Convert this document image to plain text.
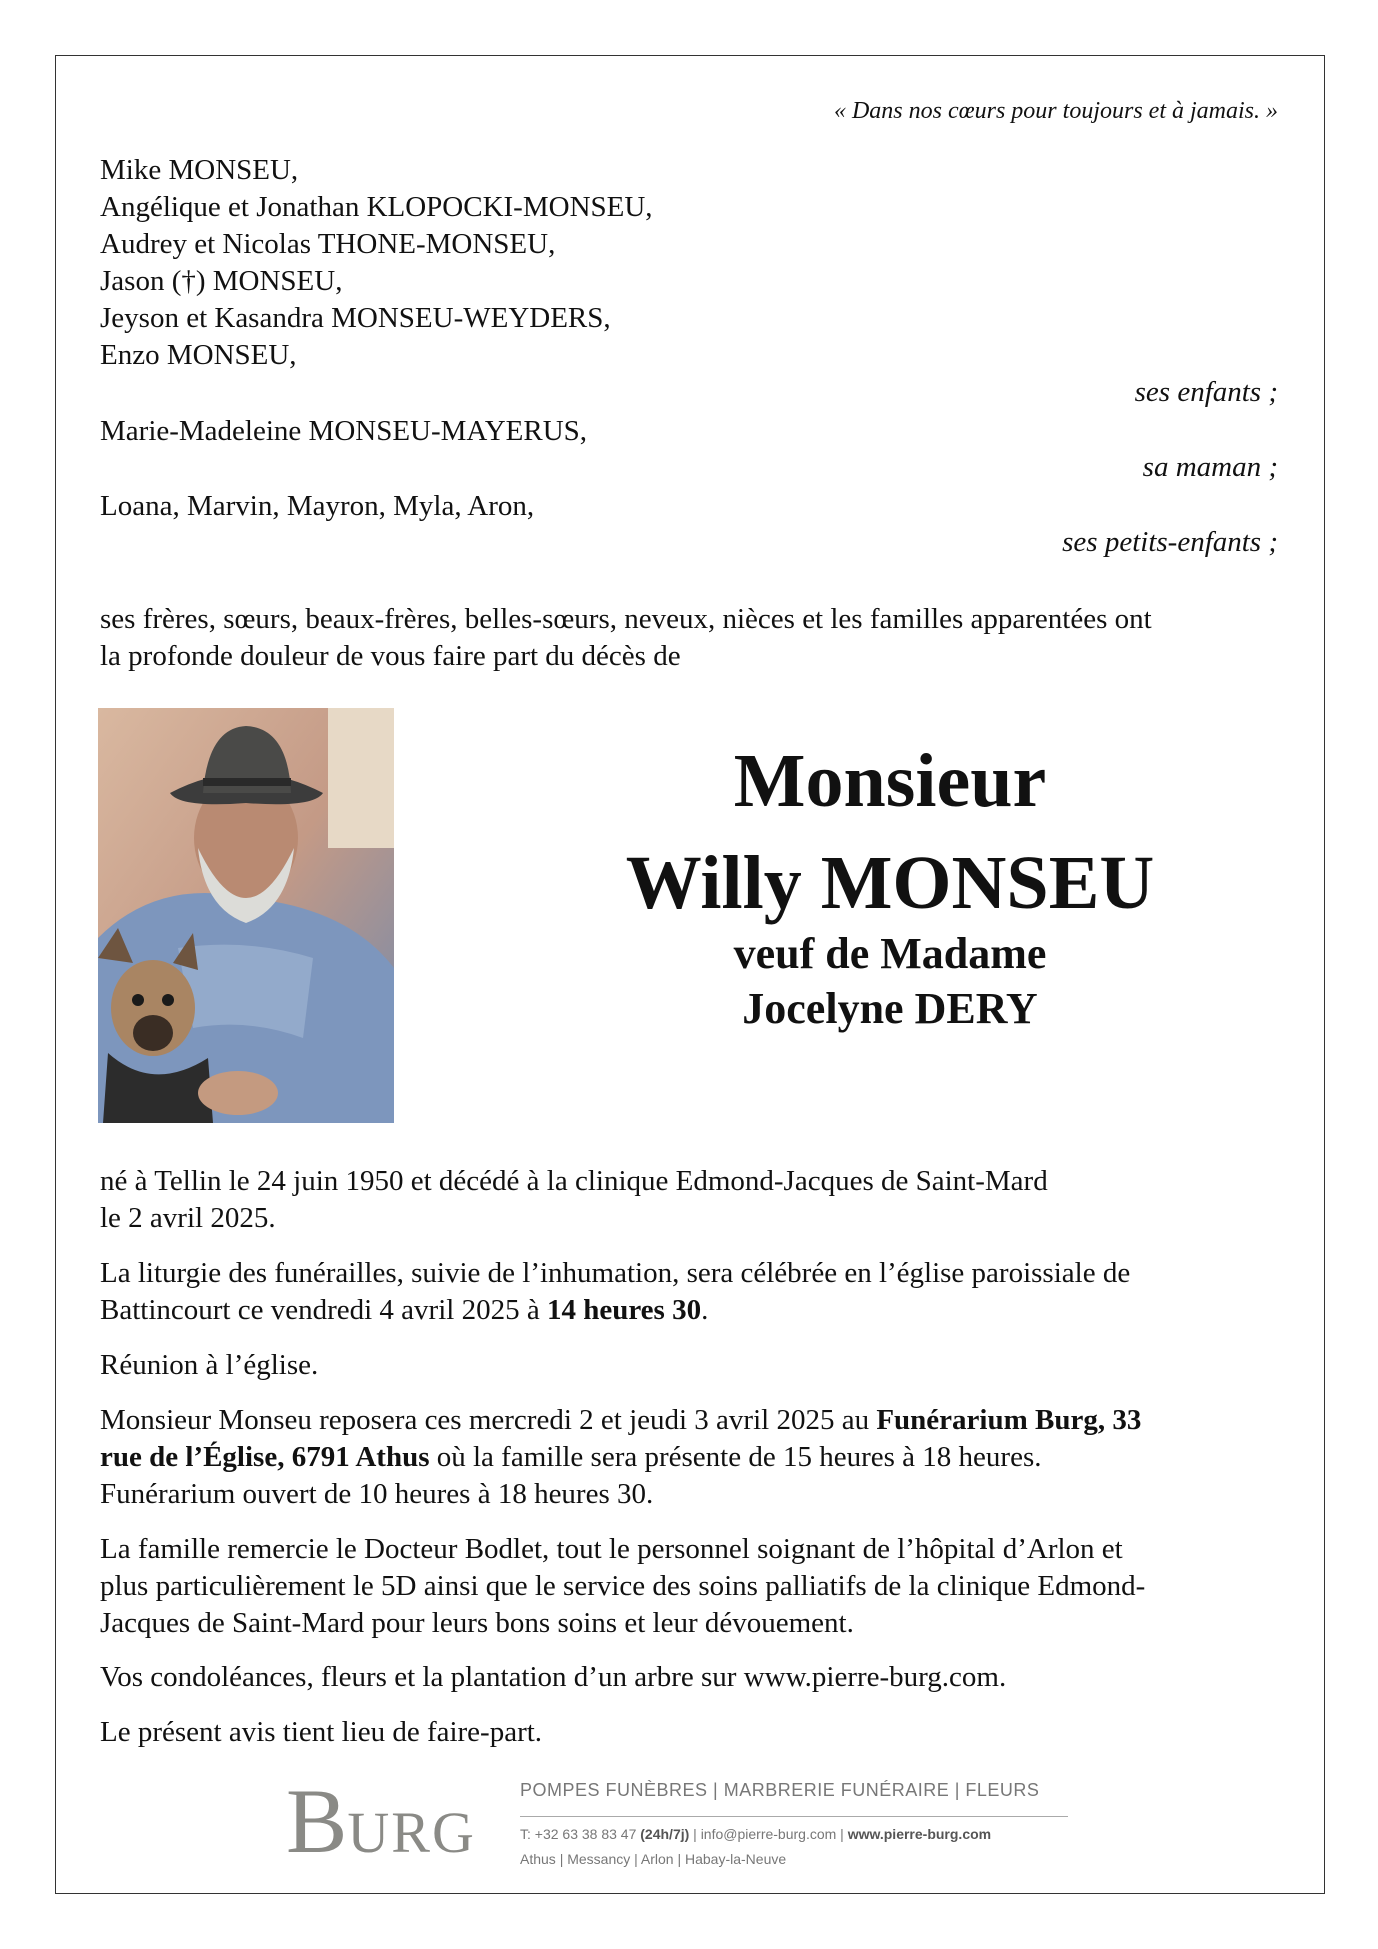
« Dans nos cœurs pour toujours et à jamais. »
Mike MONSEU,
Angélique et Jonathan KLOPOCKI-MONSEU,
Audrey et Nicolas THONE-MONSEU,
Jason (†) MONSEU,
Jeyson et Kasandra MONSEU-WEYDERS,
Enzo MONSEU,
ses enfants ;
Marie-Madeleine MONSEU-MAYERUS,
sa maman ;
Loana, Marvin, Mayron, Myla, Aron,
ses petits-enfants ;
ses frères, sœurs, beaux-frères, belles-sœurs, neveux, nièces et les familles apparentées ont
la profonde douleur de vous faire part du décès de
Monsieur
Willy MONSEU
veuf de Madame
Jocelyne DERY
né à Tellin le 24 juin 1950 et décédé à la clinique Edmond-Jacques de Saint-Mard
le 2 avril 2025.
La liturgie des funérailles, suivie de l’inhumation, sera célébrée en l’église paroissiale de
Battincourt ce vendredi 4 avril 2025 à 14 heures 30.
Réunion à l’église.
Monsieur Monseu reposera ces mercredi 2 et jeudi 3 avril 2025 au Funérarium Burg, 33
rue de l’Église, 6791 Athus où la famille sera présente de 15 heures à 18 heures.
Funérarium ouvert de 10 heures à 18 heures 30.
La famille remercie le Docteur Bodlet, tout le personnel soignant de l’hôpital d’Arlon et
plus particulièrement le 5D ainsi que le service des soins palliatifs de la clinique Edmond-
Jacques de Saint-Mard pour leurs bons soins et leur dévouement.
Vos condoléances, fleurs et la plantation d’un arbre sur www.pierre-burg.com.
Le présent avis tient lieu de faire-part.
BURG
POMPES FUNÈBRES | MARBRERIE FUNÉRAIRE | FLEURS
T: +32 63 38 83 47 (24h/7j) | info@pierre-burg.com | www.pierre-burg.com
Athus | Messancy | Arlon | Habay-la-Neuve
